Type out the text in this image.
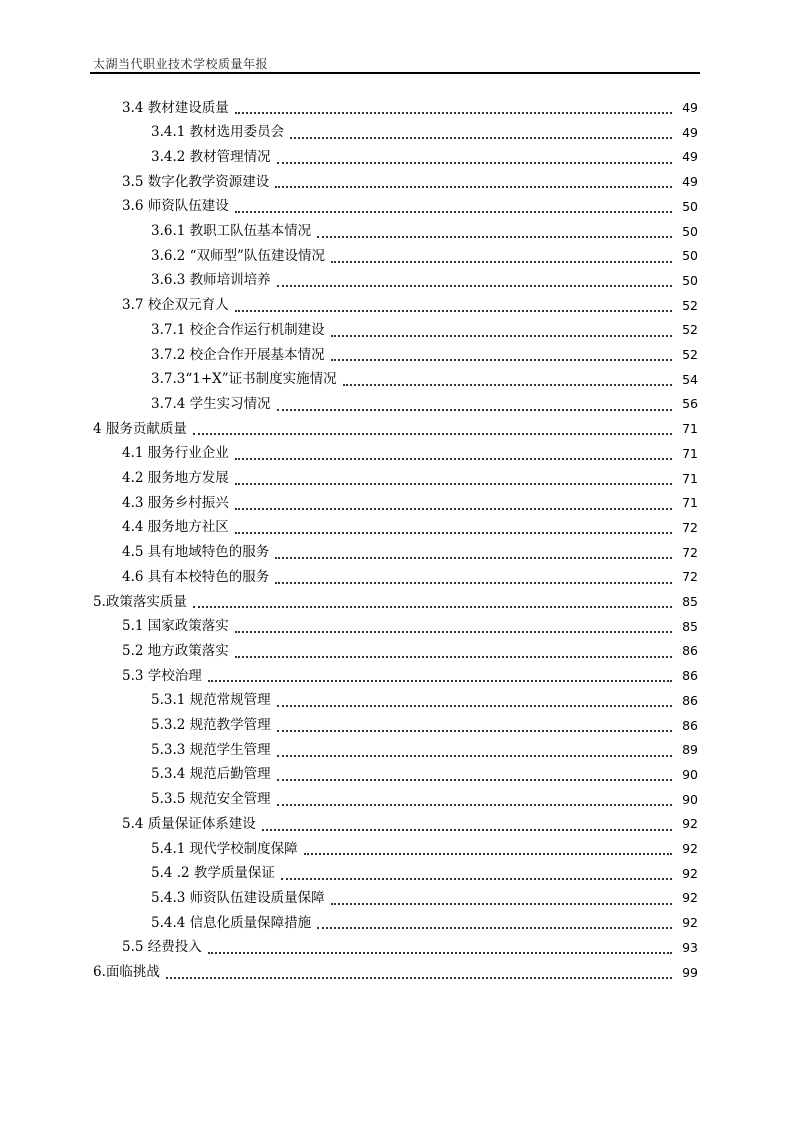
太湖当代职业技术学校质量年报
3.4 教材建设质量	49
3.4.1 教材选用委员会	49
3.4.2 教材管理情况	49
3.5 数字化教学资源建设	49
3.6 师资队伍建设	50
3.6.1 教职工队伍基本情况	50
3.6.2 “双师型”队伍建设情况	50
3.6.3 教师培训培养	50
3.7 校企双元育人	52
3.7.1 校企合作运行机制建设	52
3.7.2 校企合作开展基本情况	52
3.7.3“1+X”证书制度实施情况	54
3.7.4 学生实习情况	56
4 服务贡献质量	71
4.1 服务行业企业	71
4.2 服务地方发展	71
4.3 服务乡村振兴	71
4.4 服务地方社区	72
4.5 具有地域特色的服务	72
4.6 具有本校特色的服务	72
5.政策落实质量	85
5.1 国家政策落实	85
5.2 地方政策落实	86
5.3 学校治理	86
5.3.1 规范常规管理	86
5.3.2 规范教学管理	86
5.3.3 规范学生管理	89
5.3.4 规范后勤管理	90
5.3.5 规范安全管理	90
5.4 质量保证体系建设	92
5.4.1 现代学校制度保障	92
5.4 .2 教学质量保证	92
5.4.3 师资队伍建设质量保障	92
5.4.4 信息化质量保障措施	92
5.5 经费投入	93
6.面临挑战	99
